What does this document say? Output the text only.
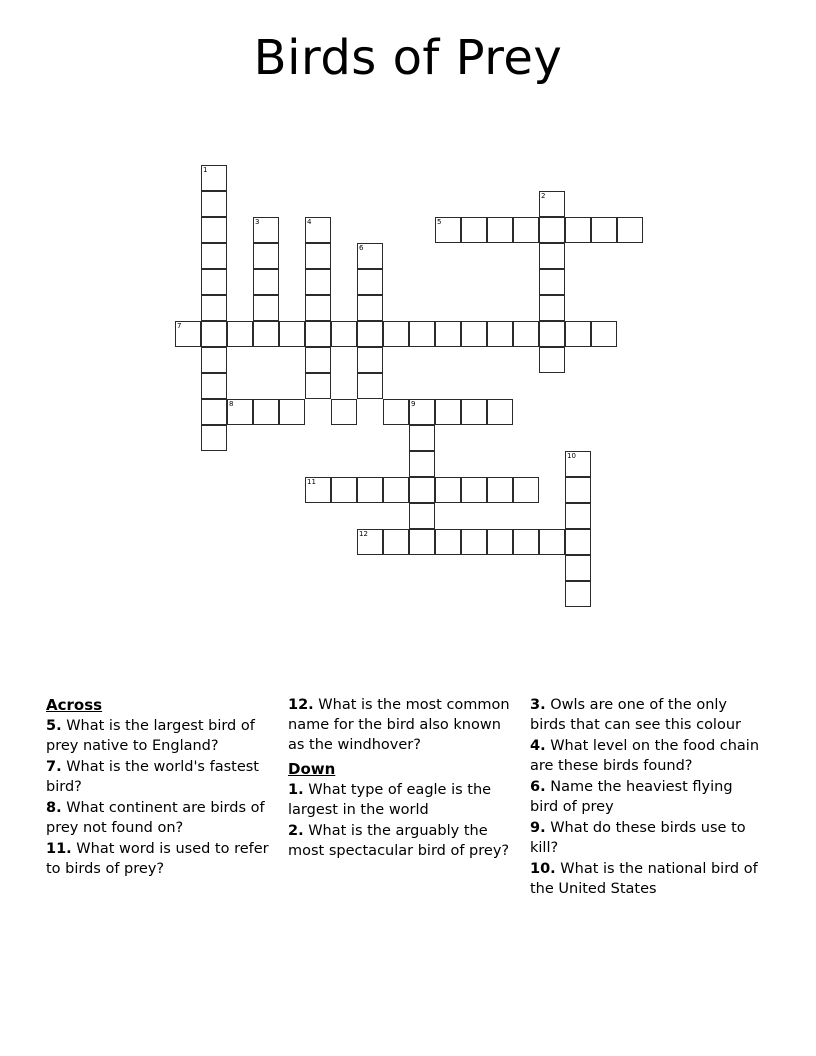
Birds of Prey
1
2
3	4	5
6
7
8	9
10
11
12
Across
5. What is the largest bird of prey native to England?
7. What is the world's fastest bird?
8. What continent are birds of prey not found on?
11. What word is used to refer to birds of prey?
12. What is the most common name for the bird also known as the windhover?
Down
1. What type of eagle is the largest in the world
2. What is the arguably the most spectacular bird of prey?
3. Owls are one of the only birds that can see this colour
4. What level on the food chain are these birds found?
6. Name the heaviest flying bird of prey
9. What do these birds use to kill?
10. What is the national bird of the United States
